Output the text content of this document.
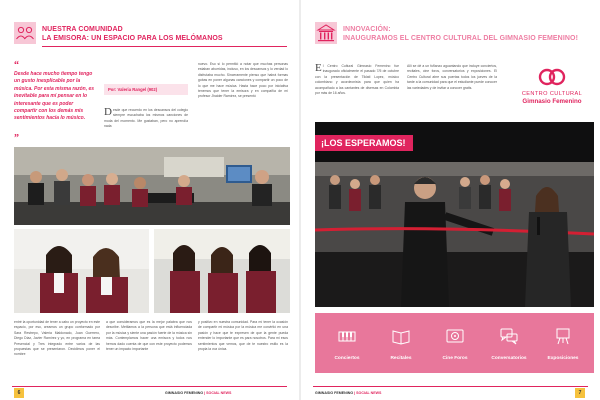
NUESTRA COMUNIDAD
LA EMISORA: UN ESPACIO PARA LOS MELÓMANOS
“
Desde hace mucho tiempo tengo un gusto inexplicable por la música. Por esta misma razón, es inevitable para mí pensar en lo interesante que es poder compartir con los demás mis sentimientos hacia lo músico.
”
Por: Valeria Rangel (902)
Desde que recuerdo en los descansos del colegio siempre escuchaba los mismos canciones de moda del momento. Me gustaban, pero no aprendía nada
nuevo. Eso sí lo permitió a notar que muchas personas estaban aburridas, incluso, en los descansos y lo verdad lo disfrutaba mucho. Sinceramente pienso que habrá formas gobas en poner algunas canciones y compartir un poco de lo que me hace música. Hasta hace poco por iniciativa tenemos que tener la emisora y en compañía de mi profesor Jhaider Ramírez, se presentó
entré la oportunidad de tener a cabo un proyecto en este espacio, por eso, creamos un grupo conformado por Sara Restrepo, Valeria Maldonado, Juan Guerrero, Diego Díaz, Javier Ramírez y yo, en programa en tarea Presencial y Tres integrado entre varios de las propuestas que se presentaron. Decidimos poner el nombre
a que consideramos que es la mejor palabra que nos describe. Metilamos a la persona que está influenciada por la música y siente una pasión fuerte de la música sin más. Contemplamos hacer una emisora y todos nos hemos dado cuenta de que con este proyecto podemos tener un impacto importante
y positivo en nuestra comunidad. Para mí tener la ocasión de compartir mi música por la música me convirtió en una pasión y hace que te expresen de que la gente pueda entender lo importante que es para nosotros. Para mí esos sentimientos que vemos, que de te nuestro estilo es la propia la voz única.
6	GIMNASIO FEMENINO | SOCIAL NEWS
INNOVACIÓN:
INAUGURAMOS EL CENTRO CULTURAL DEL GIMNASIO FEMENINO!
El Centro Cultural Gimnasio Femenino fue inaugurado oficialmente el pasado 7/5 de octubre con la presentación de Tiklati Lopez, músico colombiano y acordeonista para que quien ha acompañado a las cantantes de diversas en Colombia por más de 16 años.
Allí se dé a un fuflanzo aguantando que incluye conciertos, recitales, cine foros, conversatorios y exposiciones. El Centro Cultural abre sus puertas todos los jueves de la tarde a la comunidad para que el estudiante puede conocer las variedades y de invitar a conocer gratis.
CENTRO CULTURAL
Gimnasio Femenino
¡LOS ESPERAMOS!
Conciertos	Recitales	Cine Foros	Conversatorios	Exposiciones
GIMNASIO FEMENINO | SOCIAL NEWS	7
